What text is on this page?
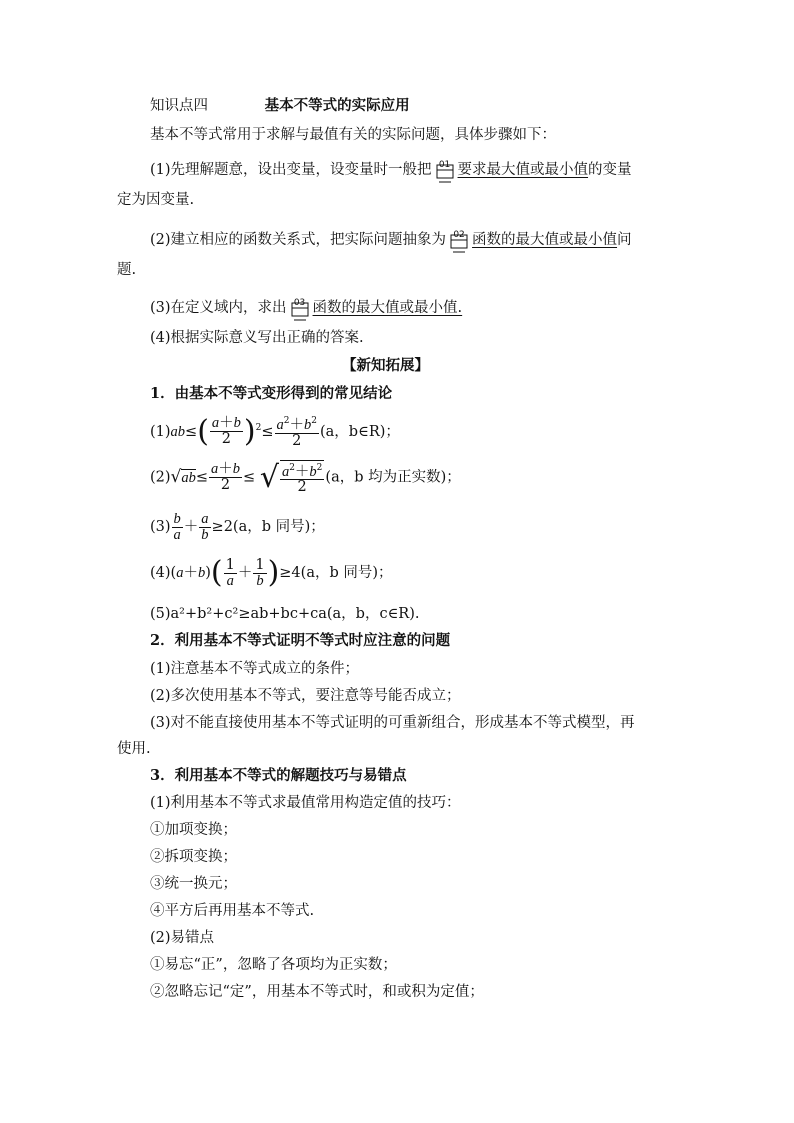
知识点四	基本不等式的实际应用
基本不等式常用于求解与最值有关的实际问题，具体步骤如下：
(1)先理解题意，设出变量，设变量时一般把 01 要求最大值或最小值的变量
定为因变量.
(2)建立相应的函数关系式，把实际问题抽象为 02 函数的最大值或最小值问
题.
(3)在定义域内，求出 03 函数的最大值或最小值.
(4)根据实际意义写出正确的答案.
【新知拓展】
1．由基本不等式变形得到的常见结论
$(1)ab\le( \frac{a+b}{2} )^2\le \frac{a^2+b^2}{2} (a$，b∈R)；
$(2)√ab\le \frac{a+b}{2}$ ≤ √ $\frac{a^2+b^2}{2} (a$，b 均为正实数)；
$(3) \frac{b}{a} + \frac{a}{b} \ge 2(a$，b 同号)；
$(4)(a+b)( \frac{1}{a} + \frac{1}{b} )\ge 4(a$，b 同号)；
(5)a²+b²+c²≥ab+bc+ca(a，b，c∈R).
2．利用基本不等式证明不等式时应注意的问题
(1)注意基本不等式成立的条件；
(2)多次使用基本不等式，要注意等号能否成立；
(3)对不能直接使用基本不等式证明的可重新组合，形成基本不等式模型，再
使用.
3．利用基本不等式的解题技巧与易错点
(1)利用基本不等式求最值常用构造定值的技巧：
①加项变换；
②拆项变换；
③统一换元；
④平方后再用基本不等式.
(2)易错点
①易忘“正”，忽略了各项均为正实数；
②忽略忘记“定”，用基本不等式时，和或积为定值；
